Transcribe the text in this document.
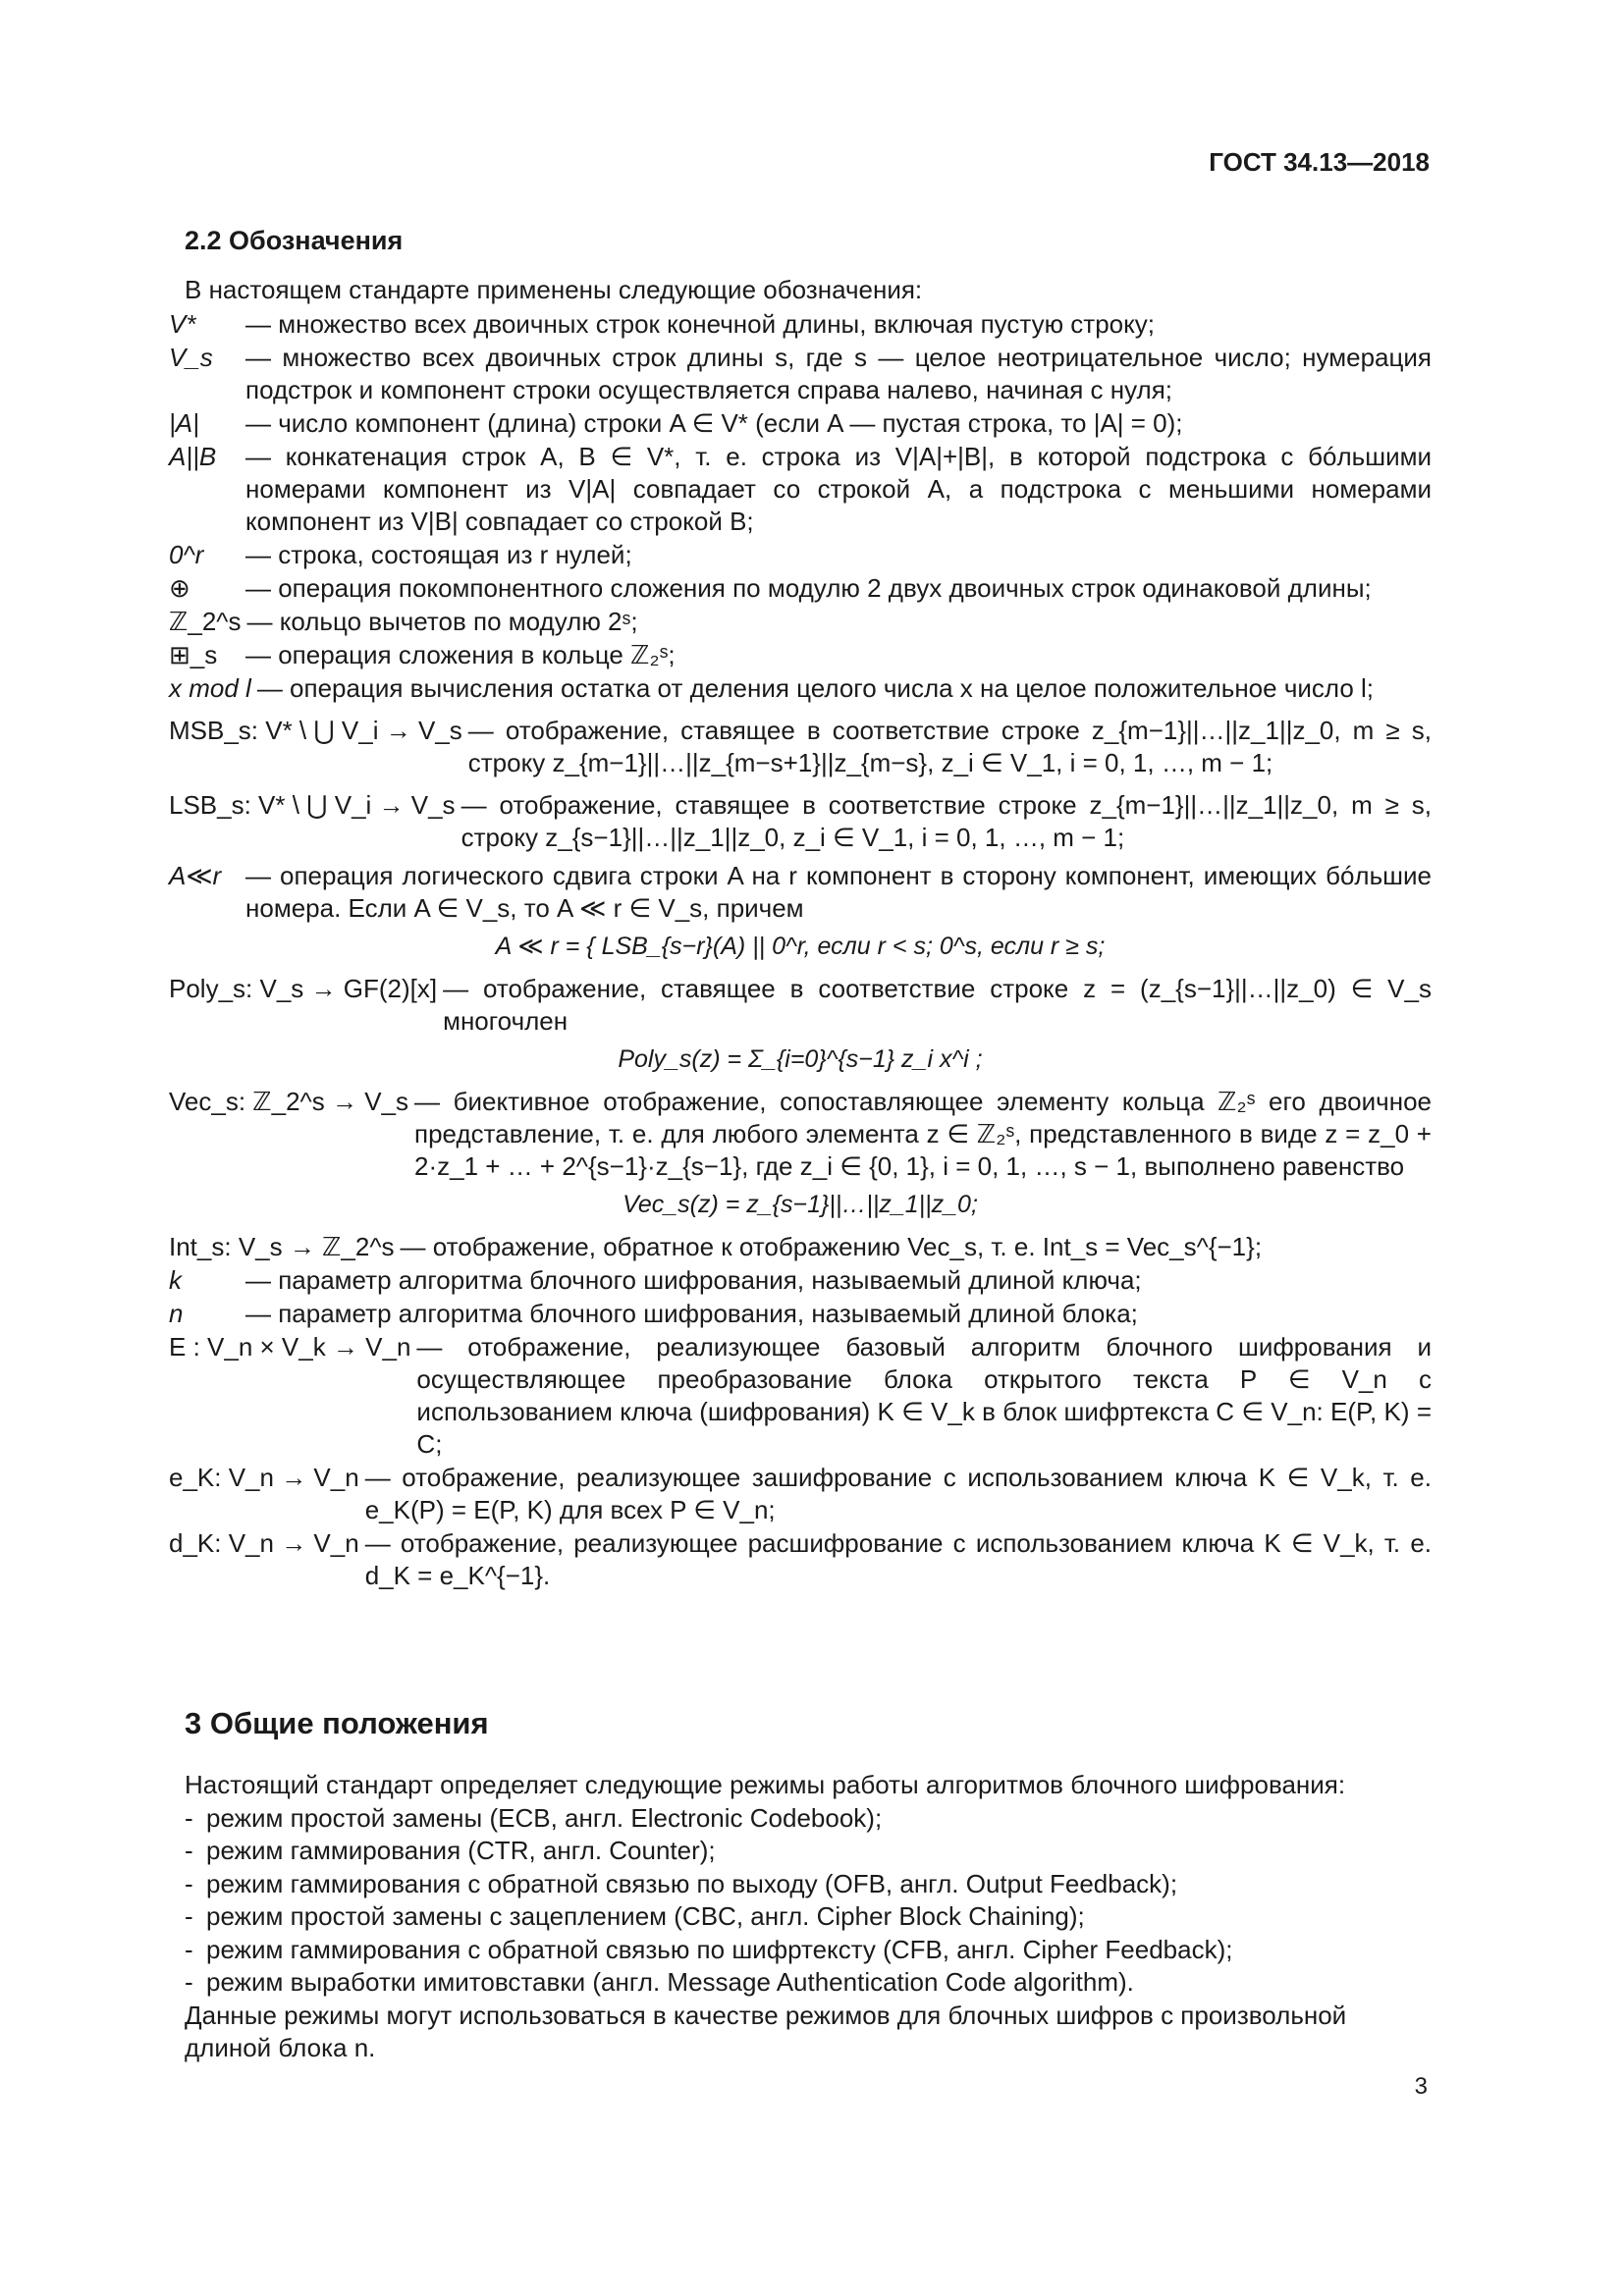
ГОСТ 34.13—2018
2.2 Обозначения
В настоящем стандарте применены следующие обозначения:
V*	— множество всех двоичных строк конечной длины, включая пустую строку;
V_s	— множество всех двоичных строк длины s, где s — целое неотрицательное число; нумерация подстрок и компонент строки осуществляется справа налево, начиная с нуля;
|A|	— число компонент (длина) строки A ∈ V* (если A — пустая строка, то |A| = 0);
A||B	— конкатенация строк A, B ∈ V*, т. е. строка из V|A|+|B|, в которой подстрока с бóльшими номерами компонент из V|A| совпадает со строкой A, а подстрока с меньшими номерами компонент из V|B| совпадает со строкой B;
0^r	— строка, состоящая из r нулей;
⊕	— операция покомпонентного сложения по модулю 2 двух двоичных строк одинаковой длины;
ℤ_2^s — кольцо вычетов по модулю 2ˢ;
⊞_s	— операция сложения в кольце ℤ₂ˢ;
x mod l — операция вычисления остатка от деления целого числа x на целое положительное число l;
MSB_s: V* \ ⋃ V_i → V_s — отображение, ставящее в соответствие строке z_{m−1}||…||z_1||z_0, m ≥ s, строку z_{m−1}||…||z_{m−s+1}||z_{m−s}, z_i ∈ V_1, i = 0, 1, …, m − 1;
LSB_s: V* \ ⋃ V_i → V_s — отображение, ставящее в соответствие строке z_{m−1}||…||z_1||z_0, m ≥ s, строку z_{s−1}||…||z_1||z_0, z_i ∈ V_1, i = 0, 1, …, m − 1;
A≪r — операция логического сдвига строки A на r компонент в сторону компонент, имеющих бóльшие номера. Если A ∈ V_s, то A ≪ r ∈ V_s, причем
A ≪ r = { LSB_{s−r}(A) || 0^r, если r < s; 0^s, если r ≥ s;
Poly_s: V_s → GF(2)[x] — отображение, ставящее в соответствие строке z = (z_{s−1}||…||z_0) ∈ V_s многочлен
Poly_s(z) = Σ_{i=0}^{s−1} z_i x^i ;
Vec_s: ℤ_2^s → V_s — биективное отображение, сопоставляющее элементу кольца ℤ₂ˢ его двоичное представление, т. е. для любого элемента z ∈ ℤ₂ˢ, представленного в виде z = z_0 + 2·z_1 + … + 2^{s−1}·z_{s−1}, где z_i ∈ {0, 1}, i = 0, 1, …, s − 1, выполнено равенство
Vec_s(z) = z_{s−1}||…||z_1||z_0;
Int_s: V_s → ℤ_2^s — отображение, обратное к отображению Vec_s, т. е. Int_s = Vec_s^{−1};
k	— параметр алгоритма блочного шифрования, называемый длиной ключа;
n	— параметр алгоритма блочного шифрования, называемый длиной блока;
E : V_n × V_k → V_n — отображение, реализующее базовый алгоритм блочного шифрования и осуществляющее преобразование блока открытого текста P ∈ V_n с использованием ключа (шифрования) K ∈ V_k в блок шифртекста C ∈ V_n: E(P, K) = C;
e_K: V_n → V_n — отображение, реализующее зашифрование с использованием ключа K ∈ V_k, т. е. e_K(P) = E(P, K) для всех P ∈ V_n;
d_K: V_n → V_n — отображение, реализующее расшифрование с использованием ключа K ∈ V_k, т. е. d_K = e_K^{−1}.
3 Общие положения
Настоящий стандарт определяет следующие режимы работы алгоритмов блочного шифрования:
- режим простой замены (ECB, англ. Electronic Codebook);
- режим гаммирования (CTR, англ. Counter);
- режим гаммирования с обратной связью по выходу (OFB, англ. Output Feedback);
- режим простой замены с зацеплением (CBC, англ. Cipher Block Chaining);
- режим гаммирования с обратной связью по шифртексту (CFB, англ. Cipher Feedback);
- режим выработки имитовставки (англ. Message Authentication Code algorithm).
Данные режимы могут использоваться в качестве режимов для блочных шифров с произвольной длиной блока n.
3
